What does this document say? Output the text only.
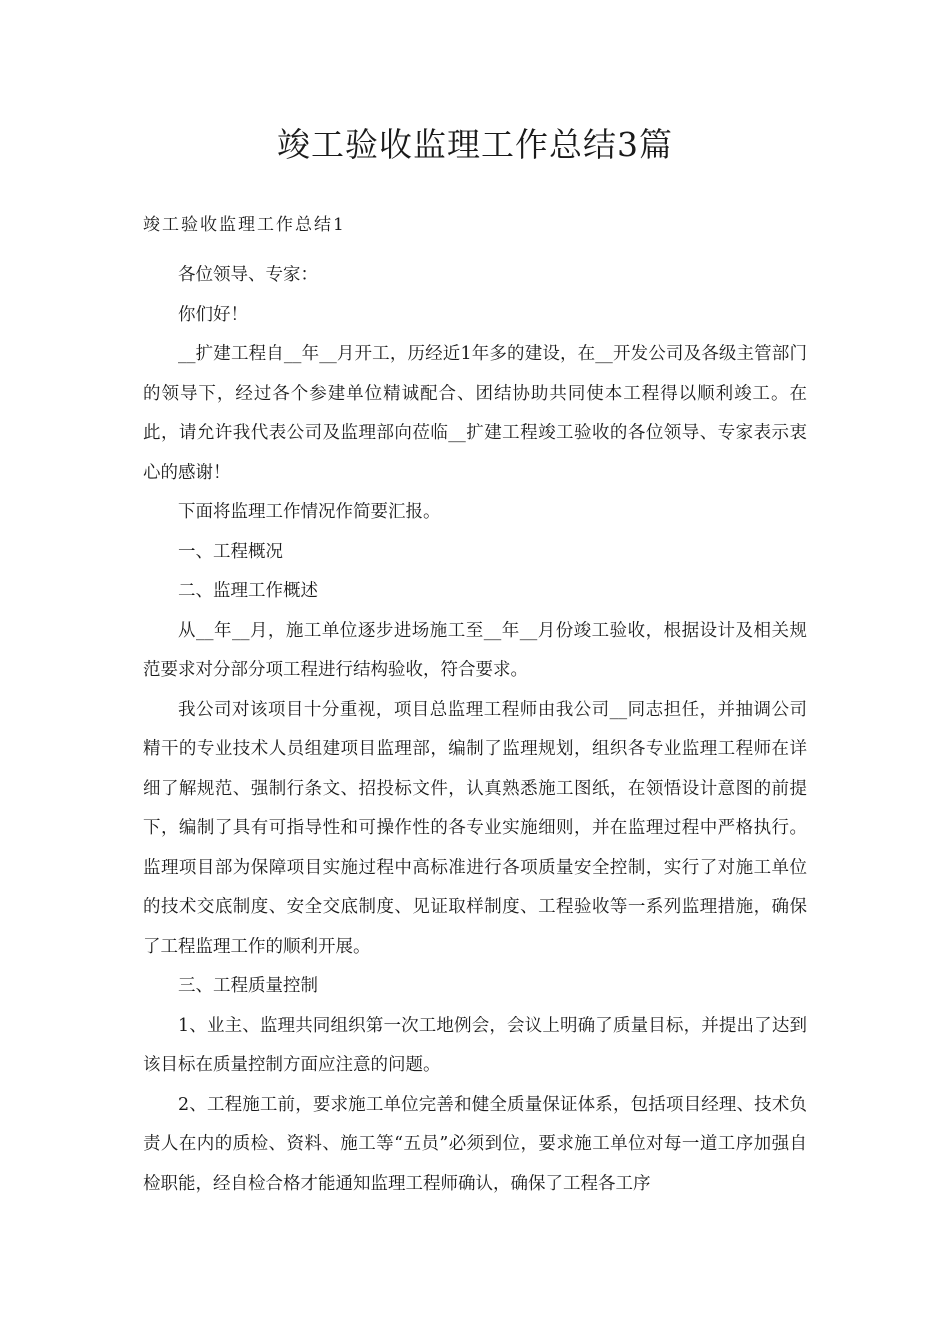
竣工验收监理工作总结3篇
竣工验收监理工作总结1

各位领导、专家：

你们好！

__扩建工程自__年__月开工，历经近1年多的建设，在__开发公司及各级主管部门的领导下，经过各个参建单位精诚配合、团结协助共同使本工程得以顺利竣工。在此，请允许我代表公司及监理部向莅临__扩建工程竣工验收的各位领导、专家表示衷心的感谢！

下面将监理工作情况作简要汇报。

一、工程概况

二、监理工作概述

从__年__月，施工单位逐步进场施工至__年__月份竣工验收，根据设计及相关规范要求对分部分项工程进行结构验收，符合要求。

我公司对该项目十分重视，项目总监理工程师由我公司__同志担任，并抽调公司精干的专业技术人员组建项目监理部，编制了监理规划，组织各专业监理工程师在详细了解规范、强制行条文、招投标文件，认真熟悉施工图纸，在领悟设计意图的前提下，编制了具有可指导性和可操作性的各专业实施细则，并在监理过程中严格执行。监理项目部为保障项目实施过程中高标准进行各项质量安全控制，实行了对施工单位的技术交底制度、安全交底制度、见证取样制度、工程验收等一系列监理措施，确保了工程监理工作的顺利开展。

三、工程质量控制

1、业主、监理共同组织第一次工地例会，会议上明确了质量目标，并提出了达到该目标在质量控制方面应注意的问题。

2、工程施工前，要求施工单位完善和健全质量保证体系，包括项目经理、技术负责人在内的质检、资料、施工等“五员”必须到位，要求施工单位对每一道工序加强自检职能，经自检合格才能通知监理工程师确认，确保了工程各工序
